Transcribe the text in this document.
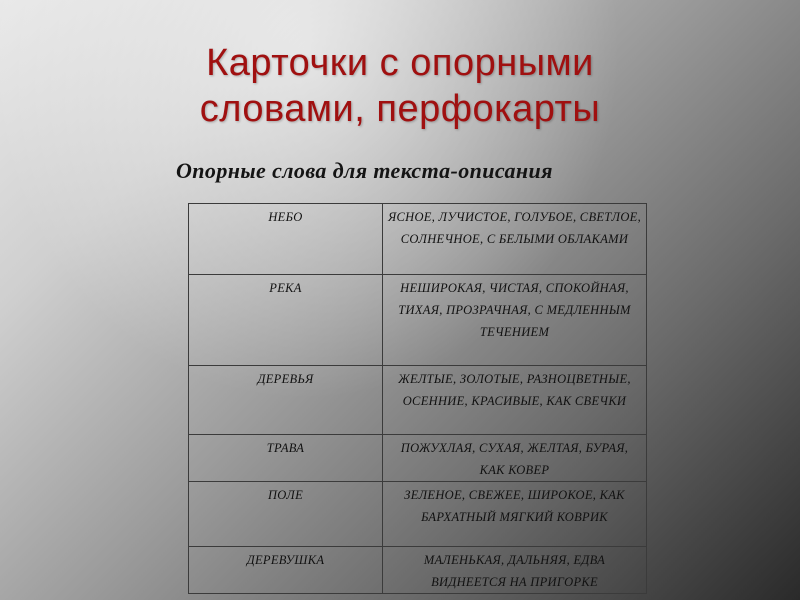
Карточки с опорными
словами, перфокарты
Опорные слова для текста-описания
НЕБО	ЯСНОЕ, ЛУЧИСТОЕ, ГОЛУБОЕ, СВЕТЛОЕ, СОЛНЕЧНОЕ, С БЕЛЫМИ ОБЛАКАМИ
РЕКА	НЕШИРОКАЯ, ЧИСТАЯ, СПОКОЙНАЯ, ТИХАЯ, ПРОЗРАЧНАЯ, С МЕДЛЕННЫМ ТЕЧЕНИЕМ
ДЕРЕВЬЯ	ЖЕЛТЫЕ, ЗОЛОТЫЕ, РАЗНОЦВЕТНЫЕ, ОСЕННИЕ, КРАСИВЫЕ, КАК СВЕЧКИ
ТРАВА	ПОЖУХЛАЯ, СУХАЯ, ЖЕЛТАЯ, БУРАЯ, КАК КОВЕР
ПОЛЕ	ЗЕЛЕНОЕ, СВЕЖЕЕ, ШИРОКОЕ, КАК БАРХАТНЫЙ МЯГКИЙ КОВРИК
ДЕРЕВУШКА	МАЛЕНЬКАЯ, ДАЛЬНЯЯ, ЕДВА ВИДНЕЕТСЯ НА ПРИГОРКЕ
